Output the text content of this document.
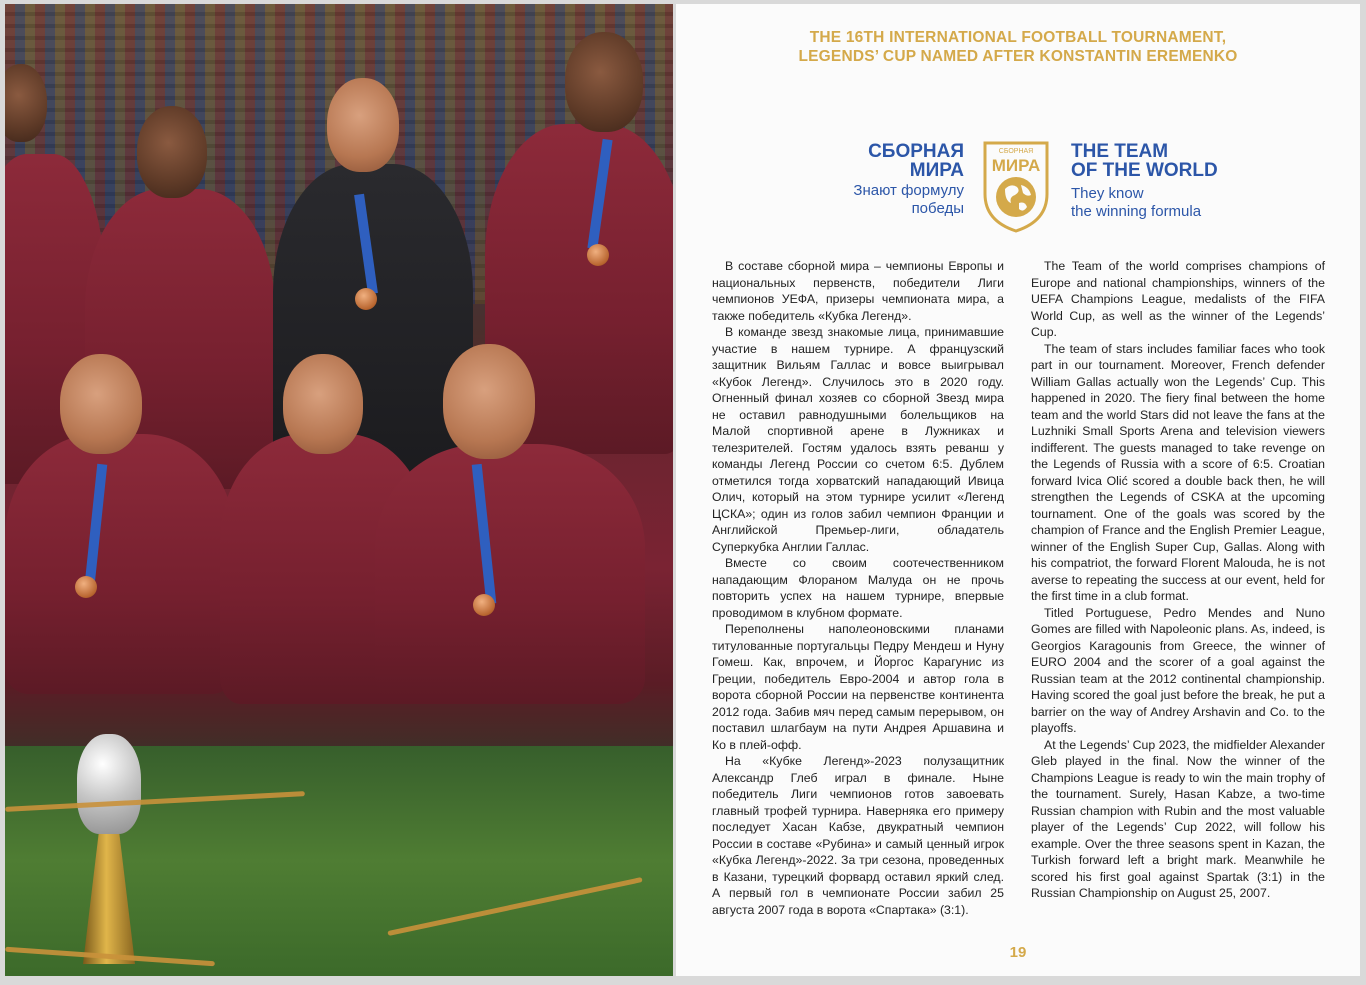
THE 16TH INTERNATIONAL FOOTBALL TOURNAMENT,
LEGENDS’ CUP NAMED AFTER KONSTANTIN EREMENKO
СБОРНАЯ
МИРА
Знают формулу
победы
СБОРНАЯ
МИРА
THE TEAM
OF THE WORLD
They know
the winning formula

В составе сборной мира – чемпионы Европы и национальных первенств, победители Лиги чемпионов УЕФА, призеры чемпионата мира, а также победитель «Кубка Легенд».

В команде звезд знакомые лица, принимавшие участие в нашем турнире. А французский защитник Вильям Галлас и вовсе выигрывал «Кубок Легенд». Случилось это в 2020 году. Огненный финал хозяев со сборной Звезд мира не оставил равнодушными болельщиков на Малой спортивной арене в Лужниках и телезрителей. Гостям удалось взять реванш у команды Легенд России со счетом 6:5. Дублем отметился тогда хорватский нападающий Ивица Олич, который на этом турнире усилит «Легенд ЦСКА»; один из голов забил чемпион Франции и Английской Премьер-лиги, обладатель Суперкубка Англии Галлас.

Вместе со своим соотечественником нападающим Флораном Малуда он не прочь повторить успех на нашем турнире, впервые проводимом в клубном формате.

Переполнены наполеоновскими планами титулованные португальцы Педру Мендеш и Нуну Гомеш. Как, впрочем, и Йоргос Карагунис из Греции, победитель Евро-2004 и автор гола в ворота сборной России на первенстве континента 2012 года. Забив мяч перед самым перерывом, он поставил шлагбаум на пути Андрея Аршавина и Ко в плей-офф.

На «Кубке Легенд»-2023 полузащитник Александр Глеб играл в финале. Ныне победитель Лиги чемпионов готов завоевать главный трофей турнира. Наверняка его примеру последует Хасан Кабзе, двукратный чемпион России в составе «Рубина» и самый ценный игрок «Кубка Легенд»-2022. За три сезона, проведенных в Казани, турецкий форвард оставил яркий след. А первый гол в чемпионате России забил 25 августа 2007 года в ворота «Спартака» (3:1).

The Team of the world comprises champions of Europe and national championships, winners of the UEFA Champions League, medalists of the FIFA World Cup, as well as the winner of the Legends’ Cup.

The team of stars includes familiar faces who took part in our tournament. Moreover, French defender William Gallas actually won the Legends’ Cup. This happened in 2020. The fiery final between the home team and the world Stars did not leave the fans at the Luzhniki Small Sports Arena and television viewers indifferent. The guests managed to take revenge on the Legends of Russia with a score of 6:5. Croatian forward Ivica Olić scored a double back then, he will strengthen the Legends of CSKA at the upcoming tournament. One of the goals was scored by the champion of France and the English Premier League, winner of the English Super Cup, Gallas. Along with his compatriot, the forward Florent Malouda, he is not averse to repeating the success at our event, held for the first time in a club format.

Titled Portuguese, Pedro Mendes and Nuno Gomes are filled with Napoleonic plans. As, indeed, is Georgios Karagounis from Greece, the winner of EURO 2004 and the scorer of a goal against the Russian team at the 2012 continental championship. Having scored the goal just before the break, he put a barrier on the way of Andrey Arshavin and Co. to the playoffs.

At the Legends’ Cup 2023, the midfielder Alexander Gleb played in the final. Now the winner of the Champions League is ready to win the main trophy of the tournament. Surely, Hasan Kabze, a two-time Russian champion with Rubin and the most valuable player of the Legends’ Cup 2022, will follow his example. Over the three seasons spent in Kazan, the Turkish forward left a bright mark. Meanwhile he scored his first goal against Spartak (3:1) in the Russian Championship on August 25, 2007.

19
